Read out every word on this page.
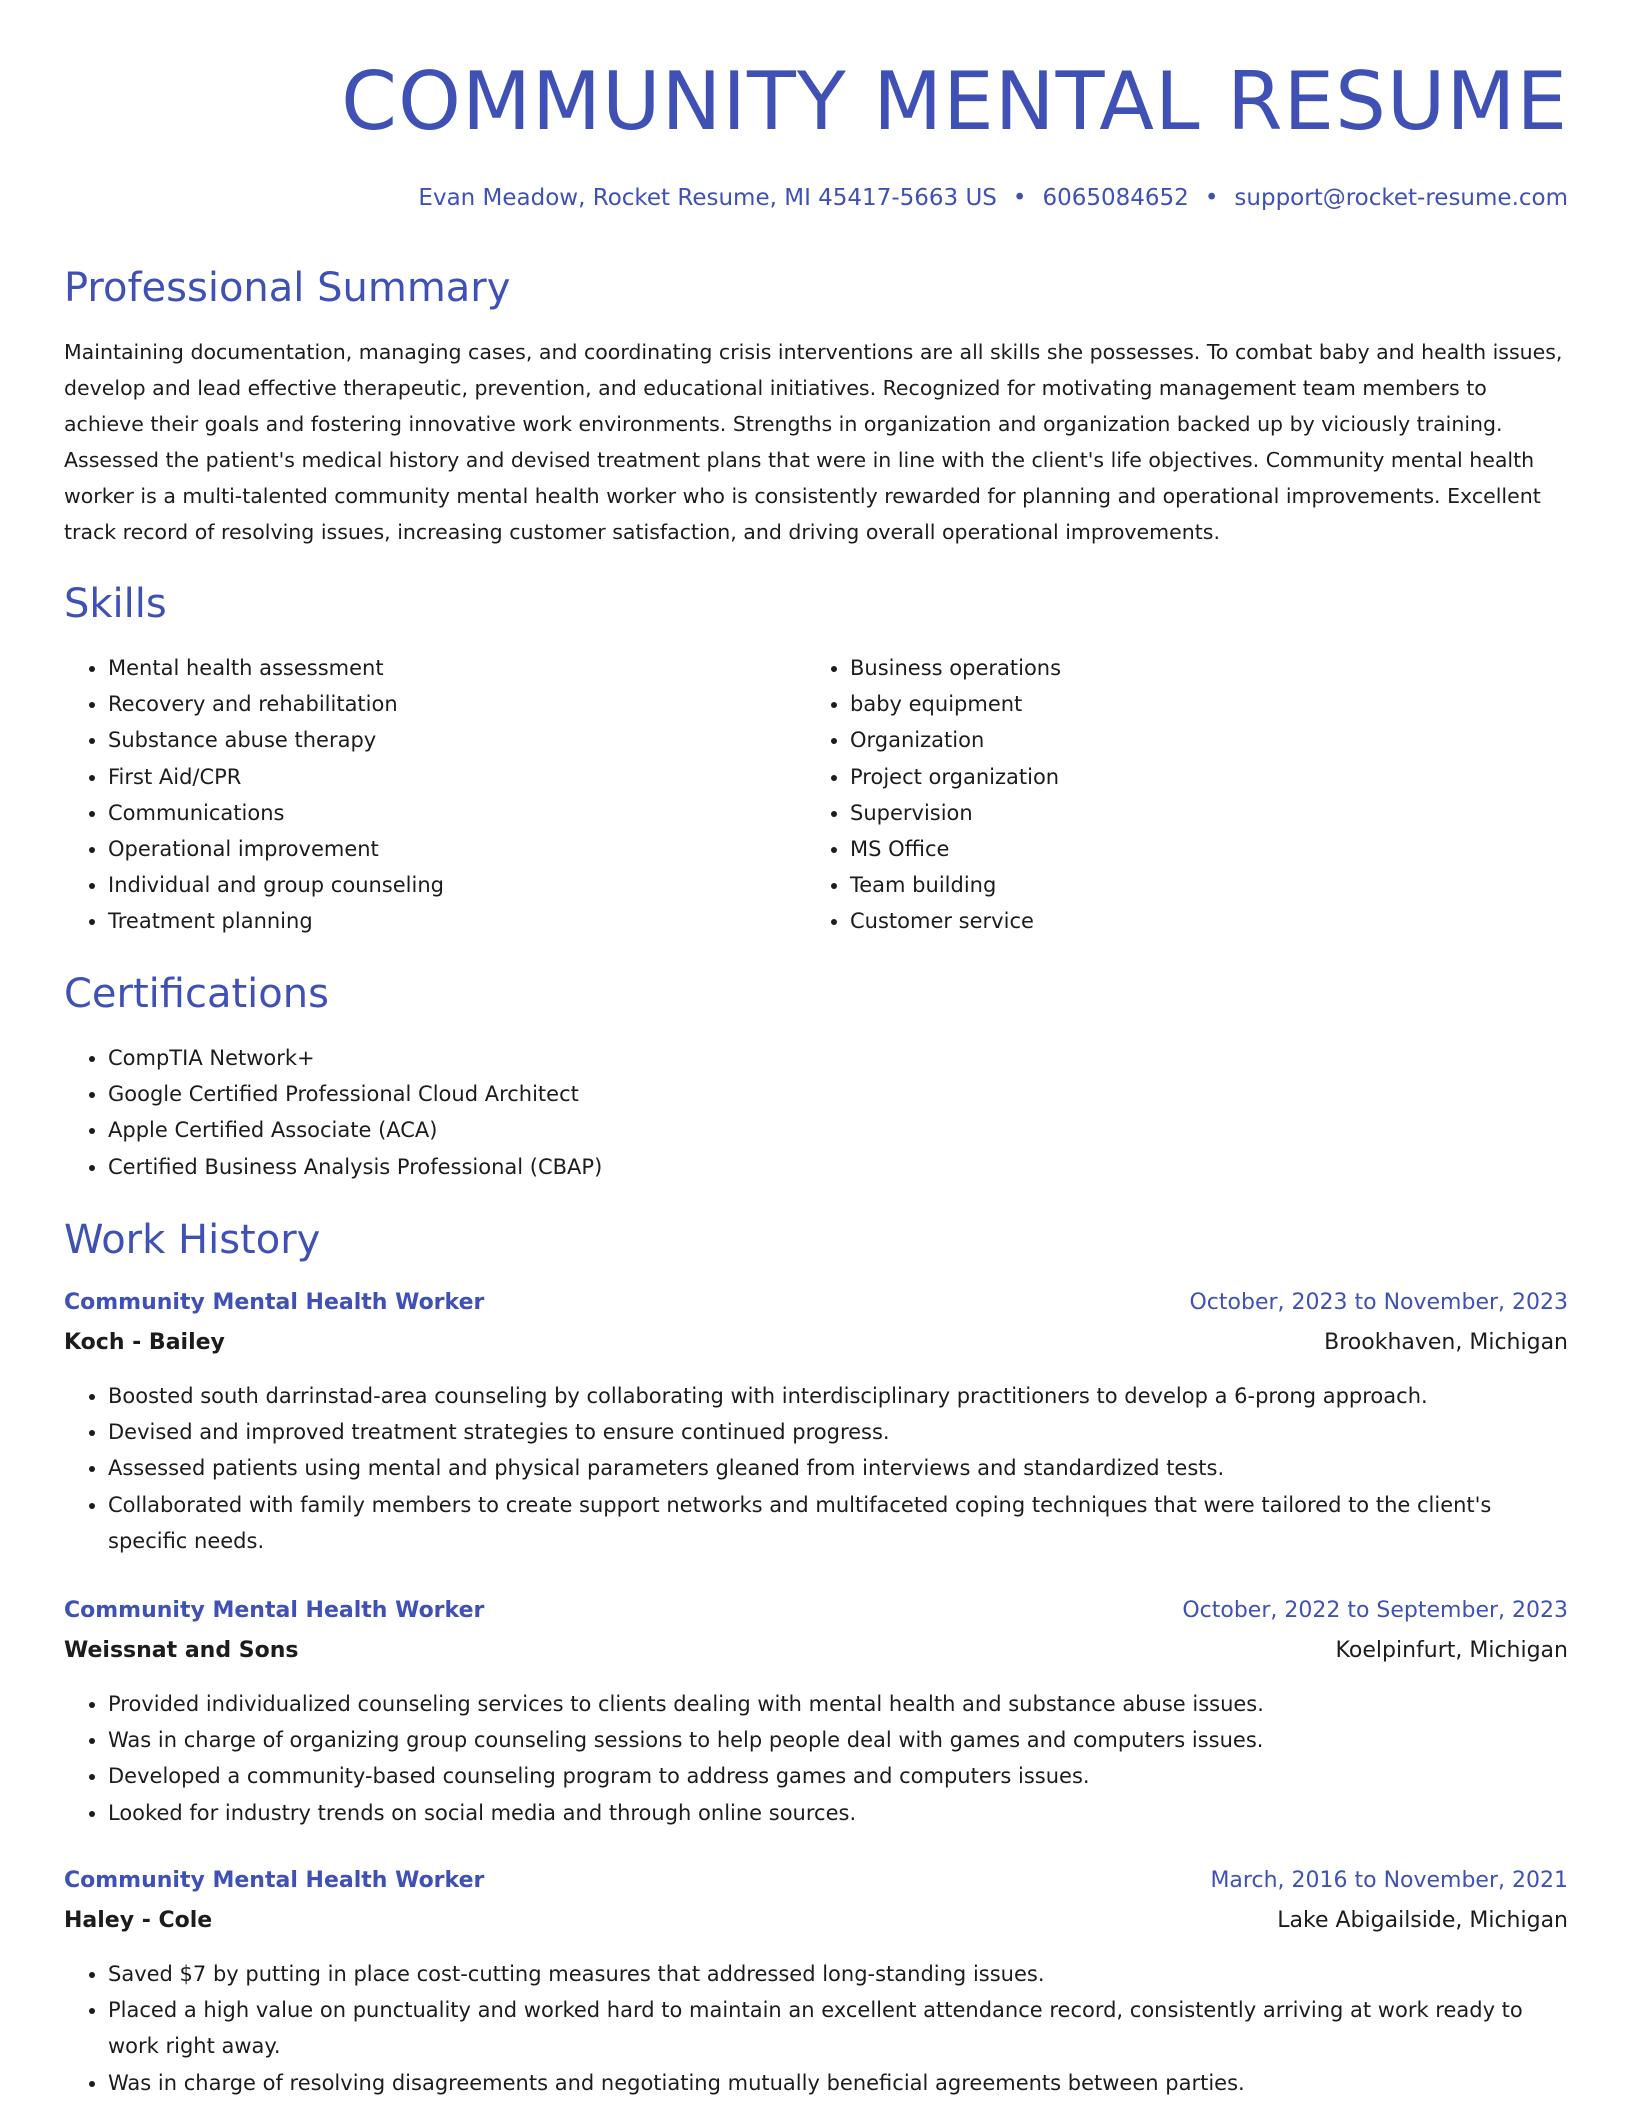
COMMUNITY MENTAL RESUME
Evan Meadow, Rocket Resume, MI 45417-5663 US • 6065084652 • support@rocket-resume.com
Professional Summary

Maintaining documentation, managing cases, and coordinating crisis interventions are all skills she possesses. To combat baby and health issues, develop and lead effective therapeutic, prevention, and educational initiatives. Recognized for motivating management team members to achieve their goals and fostering innovative work environments. Strengths in organization and organization backed up by viciously training. Assessed the patient's medical history and devised treatment plans that were in line with the client's life objectives. Community mental health worker is a multi-talented community mental health worker who is consistently rewarded for planning and operational improvements. Excellent track record of resolving issues, increasing customer satisfaction, and driving overall operational improvements.

Skills
• Mental health assessment
• Recovery and rehabilitation
• Substance abuse therapy
• First Aid/CPR
• Communications
• Operational improvement
• Individual and group counseling
• Treatment planning
• Business operations
• baby equipment
• Organization
• Project organization
• Supervision
• MS Office
• Team building
• Customer service
Certifications
• CompTIA Network+
• Google Certified Professional Cloud Architect
• Apple Certified Associate (ACA)
• Certified Business Analysis Professional (CBAP)
Work History
Community Mental Health Worker	October, 2023 to November, 2023
Koch - Bailey	Brookhaven, Michigan
• Boosted south darrinstad-area counseling by collaborating with interdisciplinary practitioners to develop a 6-prong approach.
• Devised and improved treatment strategies to ensure continued progress.
• Assessed patients using mental and physical parameters gleaned from interviews and standardized tests.
• Collaborated with family members to create support networks and multifaceted coping techniques that were tailored to the client's specific needs.
Community Mental Health Worker	October, 2022 to September, 2023
Weissnat and Sons	Koelpinfurt, Michigan
• Provided individualized counseling services to clients dealing with mental health and substance abuse issues.
• Was in charge of organizing group counseling sessions to help people deal with games and computers issues.
• Developed a community-based counseling program to address games and computers issues.
• Looked for industry trends on social media and through online sources.
Community Mental Health Worker	March, 2016 to November, 2021
Haley - Cole	Lake Abigailside, Michigan
• Saved $7 by putting in place cost-cutting measures that addressed long-standing issues.
• Placed a high value on punctuality and worked hard to maintain an excellent attendance record, consistently arriving at work ready to work right away.
• Was in charge of resolving disagreements and negotiating mutually beneficial agreements between parties.
